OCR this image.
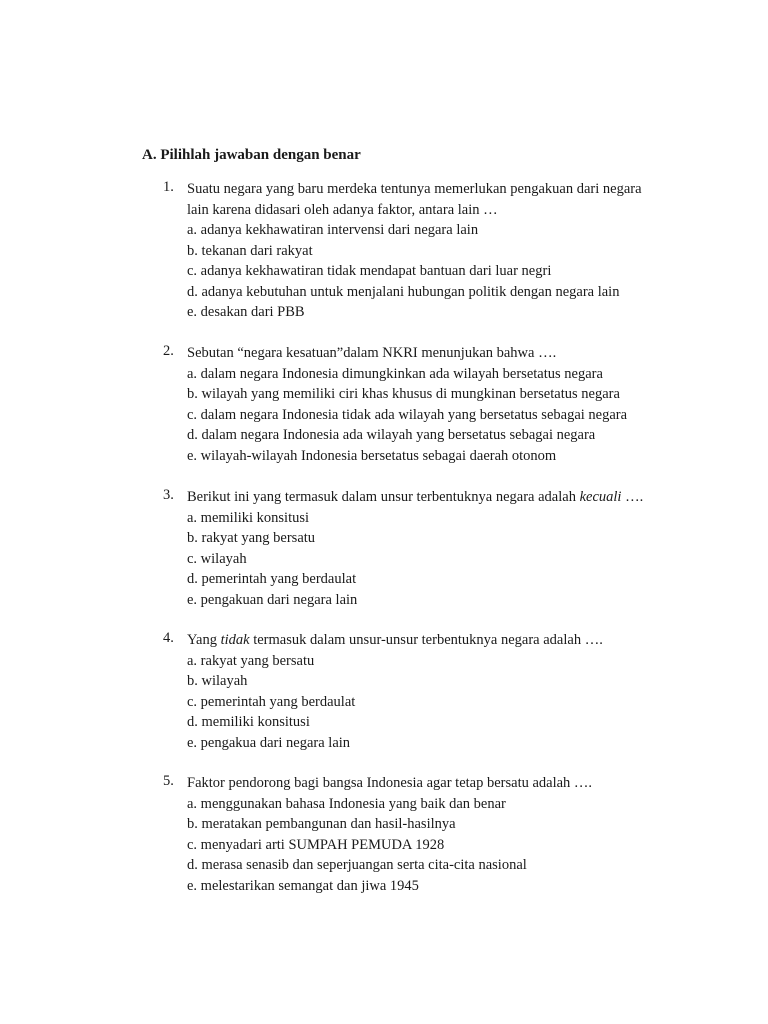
A. Pilihlah jawaban dengan benar
1. Suatu negara yang baru merdeka tentunya memerlukan pengakuan dari negara
lain karena didasari oleh adanya faktor, antara lain …
a. adanya kekhawatiran intervensi dari negara lain
b. tekanan dari rakyat
c. adanya kekhawatiran tidak mendapat bantuan dari luar negri
d. adanya kebutuhan untuk menjalani hubungan politik dengan negara lain
e. desakan dari PBB
2. Sebutan “negara kesatuan”dalam NKRI menunjukan bahwa ….
a. dalam negara Indonesia dimungkinkan ada wilayah bersetatus negara
b. wilayah yang memiliki ciri khas khusus di mungkinan bersetatus negara
c. dalam negara Indonesia tidak ada wilayah yang bersetatus sebagai negara
d. dalam negara Indonesia ada wilayah yang bersetatus sebagai negara
e. wilayah-wilayah Indonesia bersetatus sebagai daerah otonom
3. Berikut ini yang termasuk dalam unsur terbentuknya negara adalah kecuali ….
a. memiliki konsitusi
b. rakyat yang bersatu
c. wilayah
d. pemerintah yang berdaulat
e. pengakuan dari negara lain
4. Yang tidak termasuk dalam unsur-unsur terbentuknya negara adalah ….
a. rakyat yang bersatu
b. wilayah
c. pemerintah yang berdaulat
d. memiliki konsitusi
e. pengakua dari negara lain
5. Faktor pendorong bagi bangsa Indonesia agar tetap bersatu adalah ….
a. menggunakan bahasa Indonesia yang baik dan benar
b. meratakan pembangunan dan hasil-hasilnya
c. menyadari arti SUMPAH PEMUDA 1928
d. merasa senasib dan seperjuangan serta cita-cita nasional
e. melestarikan semangat dan jiwa 1945
